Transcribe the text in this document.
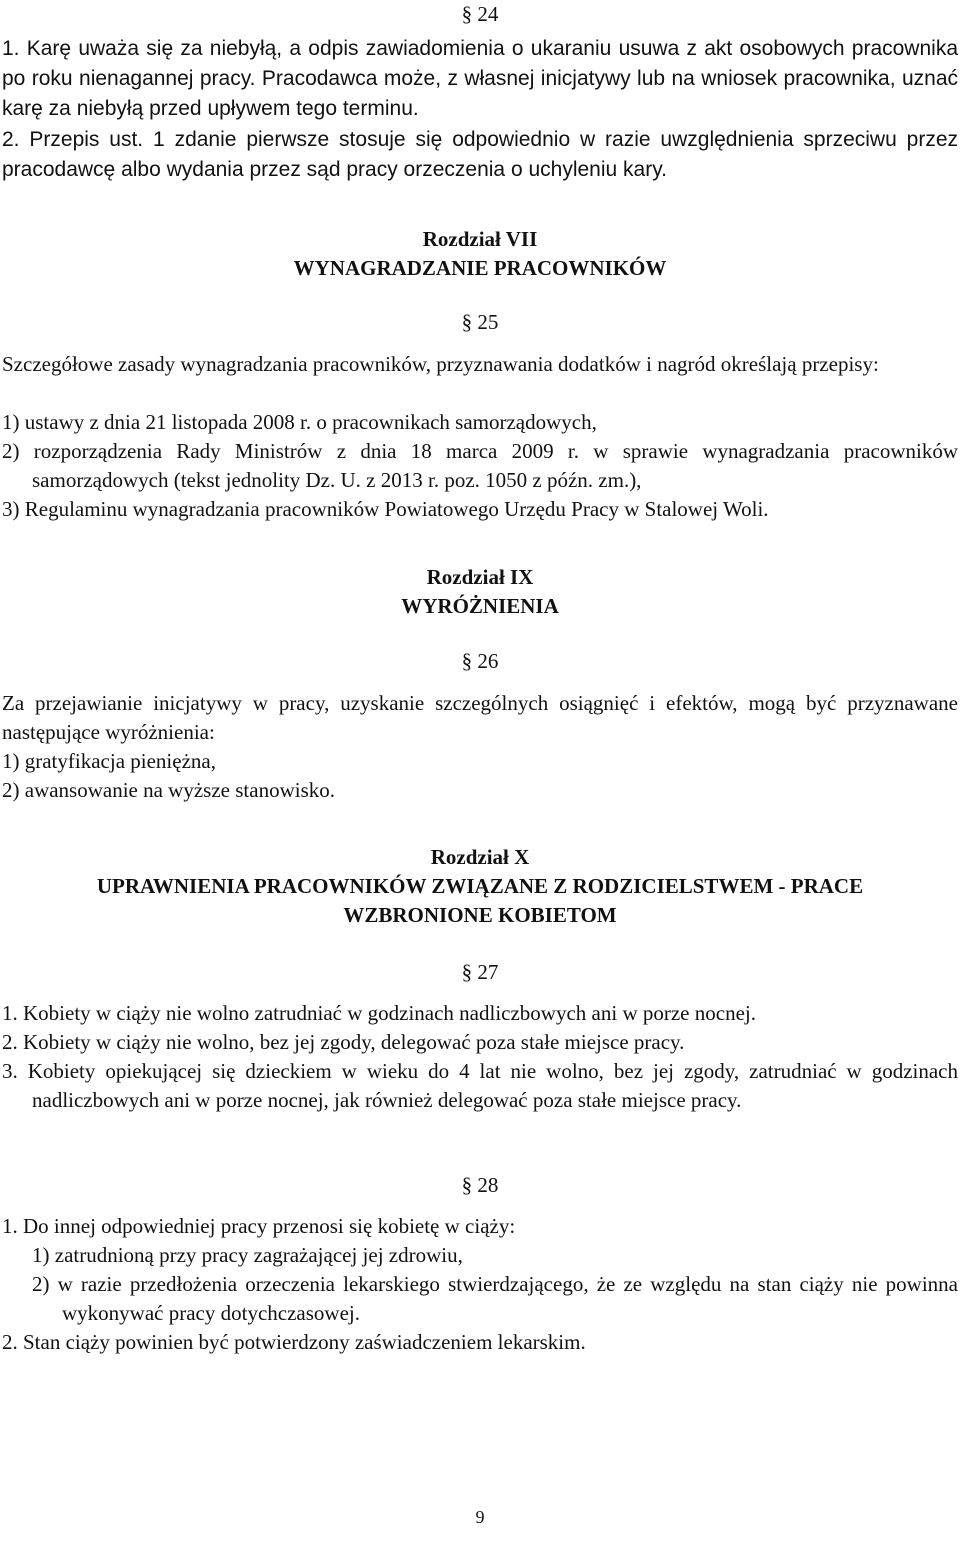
§ 24

1. Karę uważa się za niebyłą, a odpis zawiadomienia o ukaraniu usuwa z akt osobowych pracownika po roku nienagannej pracy. Pracodawca może, z własnej inicjatywy lub na wniosek pracownika, uznać karę za niebyłą przed upływem tego terminu.

2. Przepis ust. 1 zdanie pierwsze stosuje się odpowiednio w razie uwzględnienia sprzeciwu przez pracodawcę albo wydania przez sąd pracy orzeczenia o uchyleniu kary.

Rozdział VII
WYNAGRADZANIE PRACOWNIKÓW
§ 25

Szczegółowe zasady wynagradzania pracowników, przyznawania dodatków i nagród określają przepisy:

1) ustawy z dnia 21 listopada 2008 r. o pracownikach samorządowych,
2) rozporządzenia Rady Ministrów z dnia 18 marca 2009 r. w sprawie wynagradzania pracowników samorządowych (tekst jednolity Dz. U. z 2013 r. poz. 1050 z późn. zm.),
3) Regulaminu wynagradzania pracowników Powiatowego Urzędu Pracy w Stalowej Woli.
Rozdział IX
WYRÓŻNIENIA
§ 26

Za przejawianie inicjatywy w pracy, uzyskanie szczególnych osiągnięć i efektów, mogą być przyznawane następujące wyróżnienia:

1) gratyfikacja pieniężna,
2) awansowanie na wyższe stanowisko.
Rozdział X
UPRAWNIENIA PRACOWNIKÓW ZWIĄZANE Z RODZICIELSTWEM - PRACE WZBRONIONE KOBIETOM
§ 27
1. Kobiety w ciąży nie wolno zatrudniać w godzinach nadliczbowych ani w porze nocnej.
2. Kobiety w ciąży nie wolno, bez jej zgody, delegować poza stałe miejsce pracy.
3. Kobiety opiekującej się dzieckiem w wieku do 4 lat nie wolno, bez jej zgody, zatrudniać w godzinach nadliczbowych ani w porze nocnej, jak również delegować poza stałe miejsce pracy.
§ 28
1. Do innej odpowiedniej pracy przenosi się kobietę w ciąży:
1) zatrudnioną przy pracy zagrażającej jej zdrowiu,
2) w razie przedłożenia orzeczenia lekarskiego stwierdzającego, że ze względu na stan ciąży nie powinna wykonywać pracy dotychczasowej.
2. Stan ciąży powinien być potwierdzony zaświadczeniem lekarskim.
9
